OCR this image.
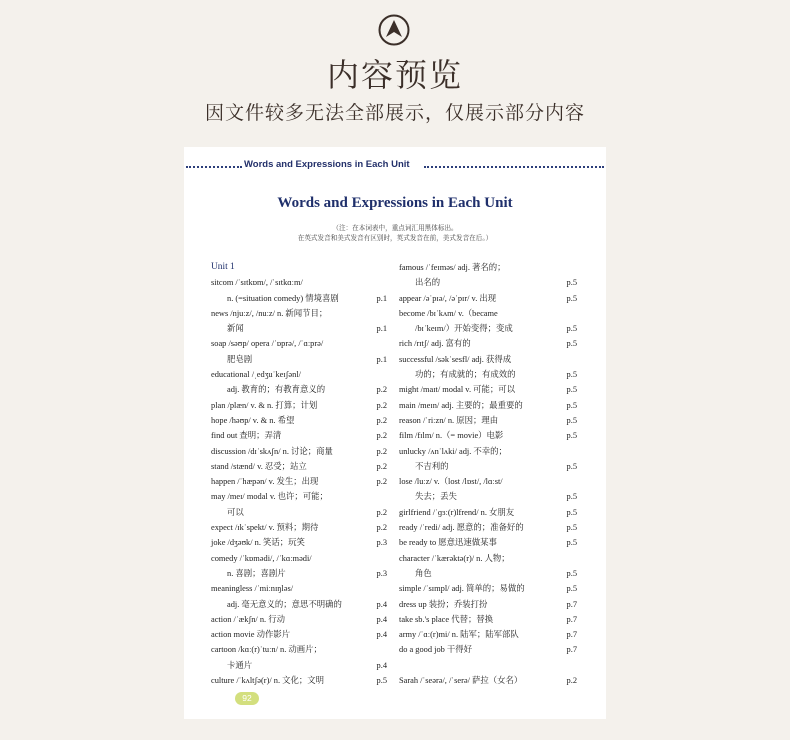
内容预览
因文件较多无法全部展示，仅展示部分内容
Words and Expressions in Each Unit
Words and Expressions in Each Unit
（注：在本词表中，重点词汇用黑体标出。
在英式发音和美式发音有区别时，英式发音在前，美式发音在后。）
Unit 1
sitcom /ˈsɪtkɒm/, /ˈsɪtkɑːm/
n. (=situation comedy) 情境喜剧	p.1
news /njuːz/, /nuːz/ n. 新闻节目；
新闻	p.1
soap /səʊp/ opera /ˈɒprə/, /ˈɑːprə/
肥皂剧	p.1
educational /ˌedʒuˈkeɪʃənl/
adj. 教育的；有教育意义的	p.2
plan /plæn/ v. & n. 打算；计划	p.2
hope /həʊp/ v. & n. 希望	p.2
find out 查明；弄清	p.2
discussion /dɪˈskʌʃn/ n. 讨论；商量	p.2
stand /stænd/ v. 忍受；站立	p.2
happen /ˈhæpən/ v. 发生；出现	p.2
may /meɪ/ modal v. 也许；可能；
可以	p.2
expect /ɪkˈspekt/ v. 预料；期待	p.2
joke /dʒəʊk/ n. 笑话；玩笑	p.3
comedy /ˈkɒmədi/, /ˈkɑːmədi/
n. 喜剧；喜剧片	p.3
meaningless /ˈmiːnɪŋləs/
adj. 毫无意义的；意思不明确的	p.4
action /ˈækʃn/ n. 行动	p.4
action movie 动作影片	p.4
cartoon /kɑː(r)ˈtuːn/ n. 动画片；
卡通片	p.4
culture /ˈkʌltʃə(r)/ n. 文化；文明	p.5
famous /ˈfeɪməs/ adj. 著名的；
出名的	p.5
appear /əˈpɪə/, /əˈpɪr/ v. 出现	p.5
become /bɪˈkʌm/ v.（became
/bɪˈkeɪm/）开始变得；变成	p.5
rich /rɪtʃ/ adj. 富有的	p.5
successful /səkˈsesfl/ adj. 获得成
功的；有成就的；有成效的	p.5
might /maɪt/ modal v. 可能；可以	p.5
main /meɪn/ adj. 主要的；最重要的	p.5
reason /ˈriːzn/ n. 原因；理由	p.5
film /fɪlm/ n.（= movie）电影	p.5
unlucky /ʌnˈlʌki/ adj. 不幸的；
不吉利的	p.5
lose /luːz/ v.（lost /lɒst/, /lɑːst/
失去；丢失	p.5
girlfriend /ˈɡɜː(r)lfrend/ n. 女朋友	p.5
ready /ˈredi/ adj. 愿意的；准备好的	p.5
be ready to 愿意迅速做某事	p.5
character /ˈkærəktə(r)/ n. 人物；
角色	p.5
simple /ˈsɪmpl/ adj. 简单的；易做的	p.5
dress up 装扮；乔装打扮	p.7
take sb.'s place 代替；替换	p.7
army /ˈɑː(r)mi/ n. 陆军；陆军部队	p.7
do a good job 干得好	p.7
Sarah /ˈseərə/, /ˈserə/ 萨拉（女名）	p.2
92
